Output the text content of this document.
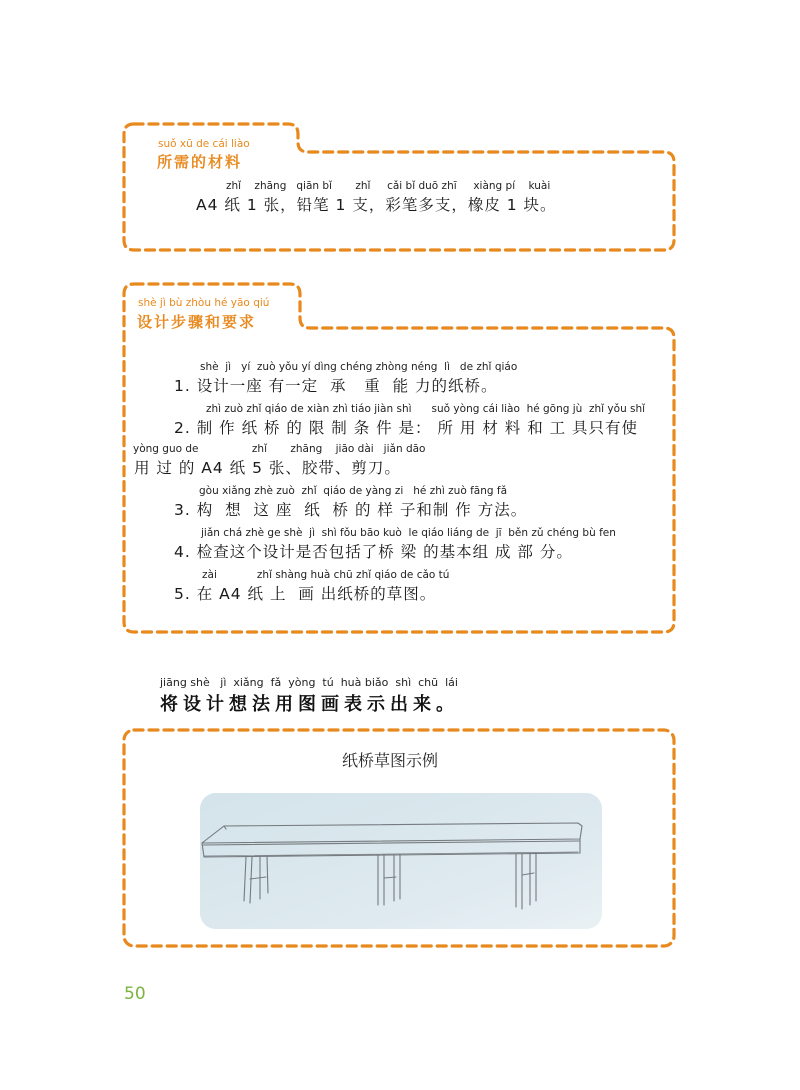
suǒ xū de cái liào
所需的材料
zhǐ    zhāng   qiān bǐ       zhǐ     cǎi bǐ duō zhī     xiàng pí    kuài
A4 纸 1 张，铅笔 1 支，彩笔多支，橡皮 1 块。
shè jì bù zhòu hé yāo qiú
设计步骤和要求
shè  jì   yí  zuò yǒu yí dìng chéng zhòng néng  lì   de zhǐ qiáo
1. 设计一座 有一定  承   重  能 力的纸桥。
zhì zuò zhǐ qiáo de xiàn zhì tiáo jiàn shì      suǒ yòng cái liào  hé gōng jù  zhǐ yǒu shǐ
2. 制 作 纸 桥 的 限 制 条 件 是： 所 用 材 料 和 工 具只有使
yòng guo de                zhǐ       zhāng    jiāo dài   jiǎn dāo
用 过 的 A4 纸 5 张、胶带、剪刀。
gòu xiǎng zhè zuò  zhǐ  qiáo de yàng zi   hé zhì zuò fāng fǎ
3. 构  想  这 座  纸  桥 的 样 子和制 作 方法。
jiǎn chá zhè ge shè  jì  shì fǒu bāo kuò  le qiáo liáng de  jī  běn zǔ chéng bù fen
4. 检查这个设计是否包括了桥 梁 的基本组 成 部 分。
zài            zhǐ shàng huà chū zhǐ qiáo de cǎo tú
5. 在 A4 纸 上  画 出纸桥的草图。
jiāng shè   jì  xiǎng  fǎ  yòng  tú  huà biǎo  shì  chū  lái
将设计想法用图画表示出来。
纸桥草图示例
50
